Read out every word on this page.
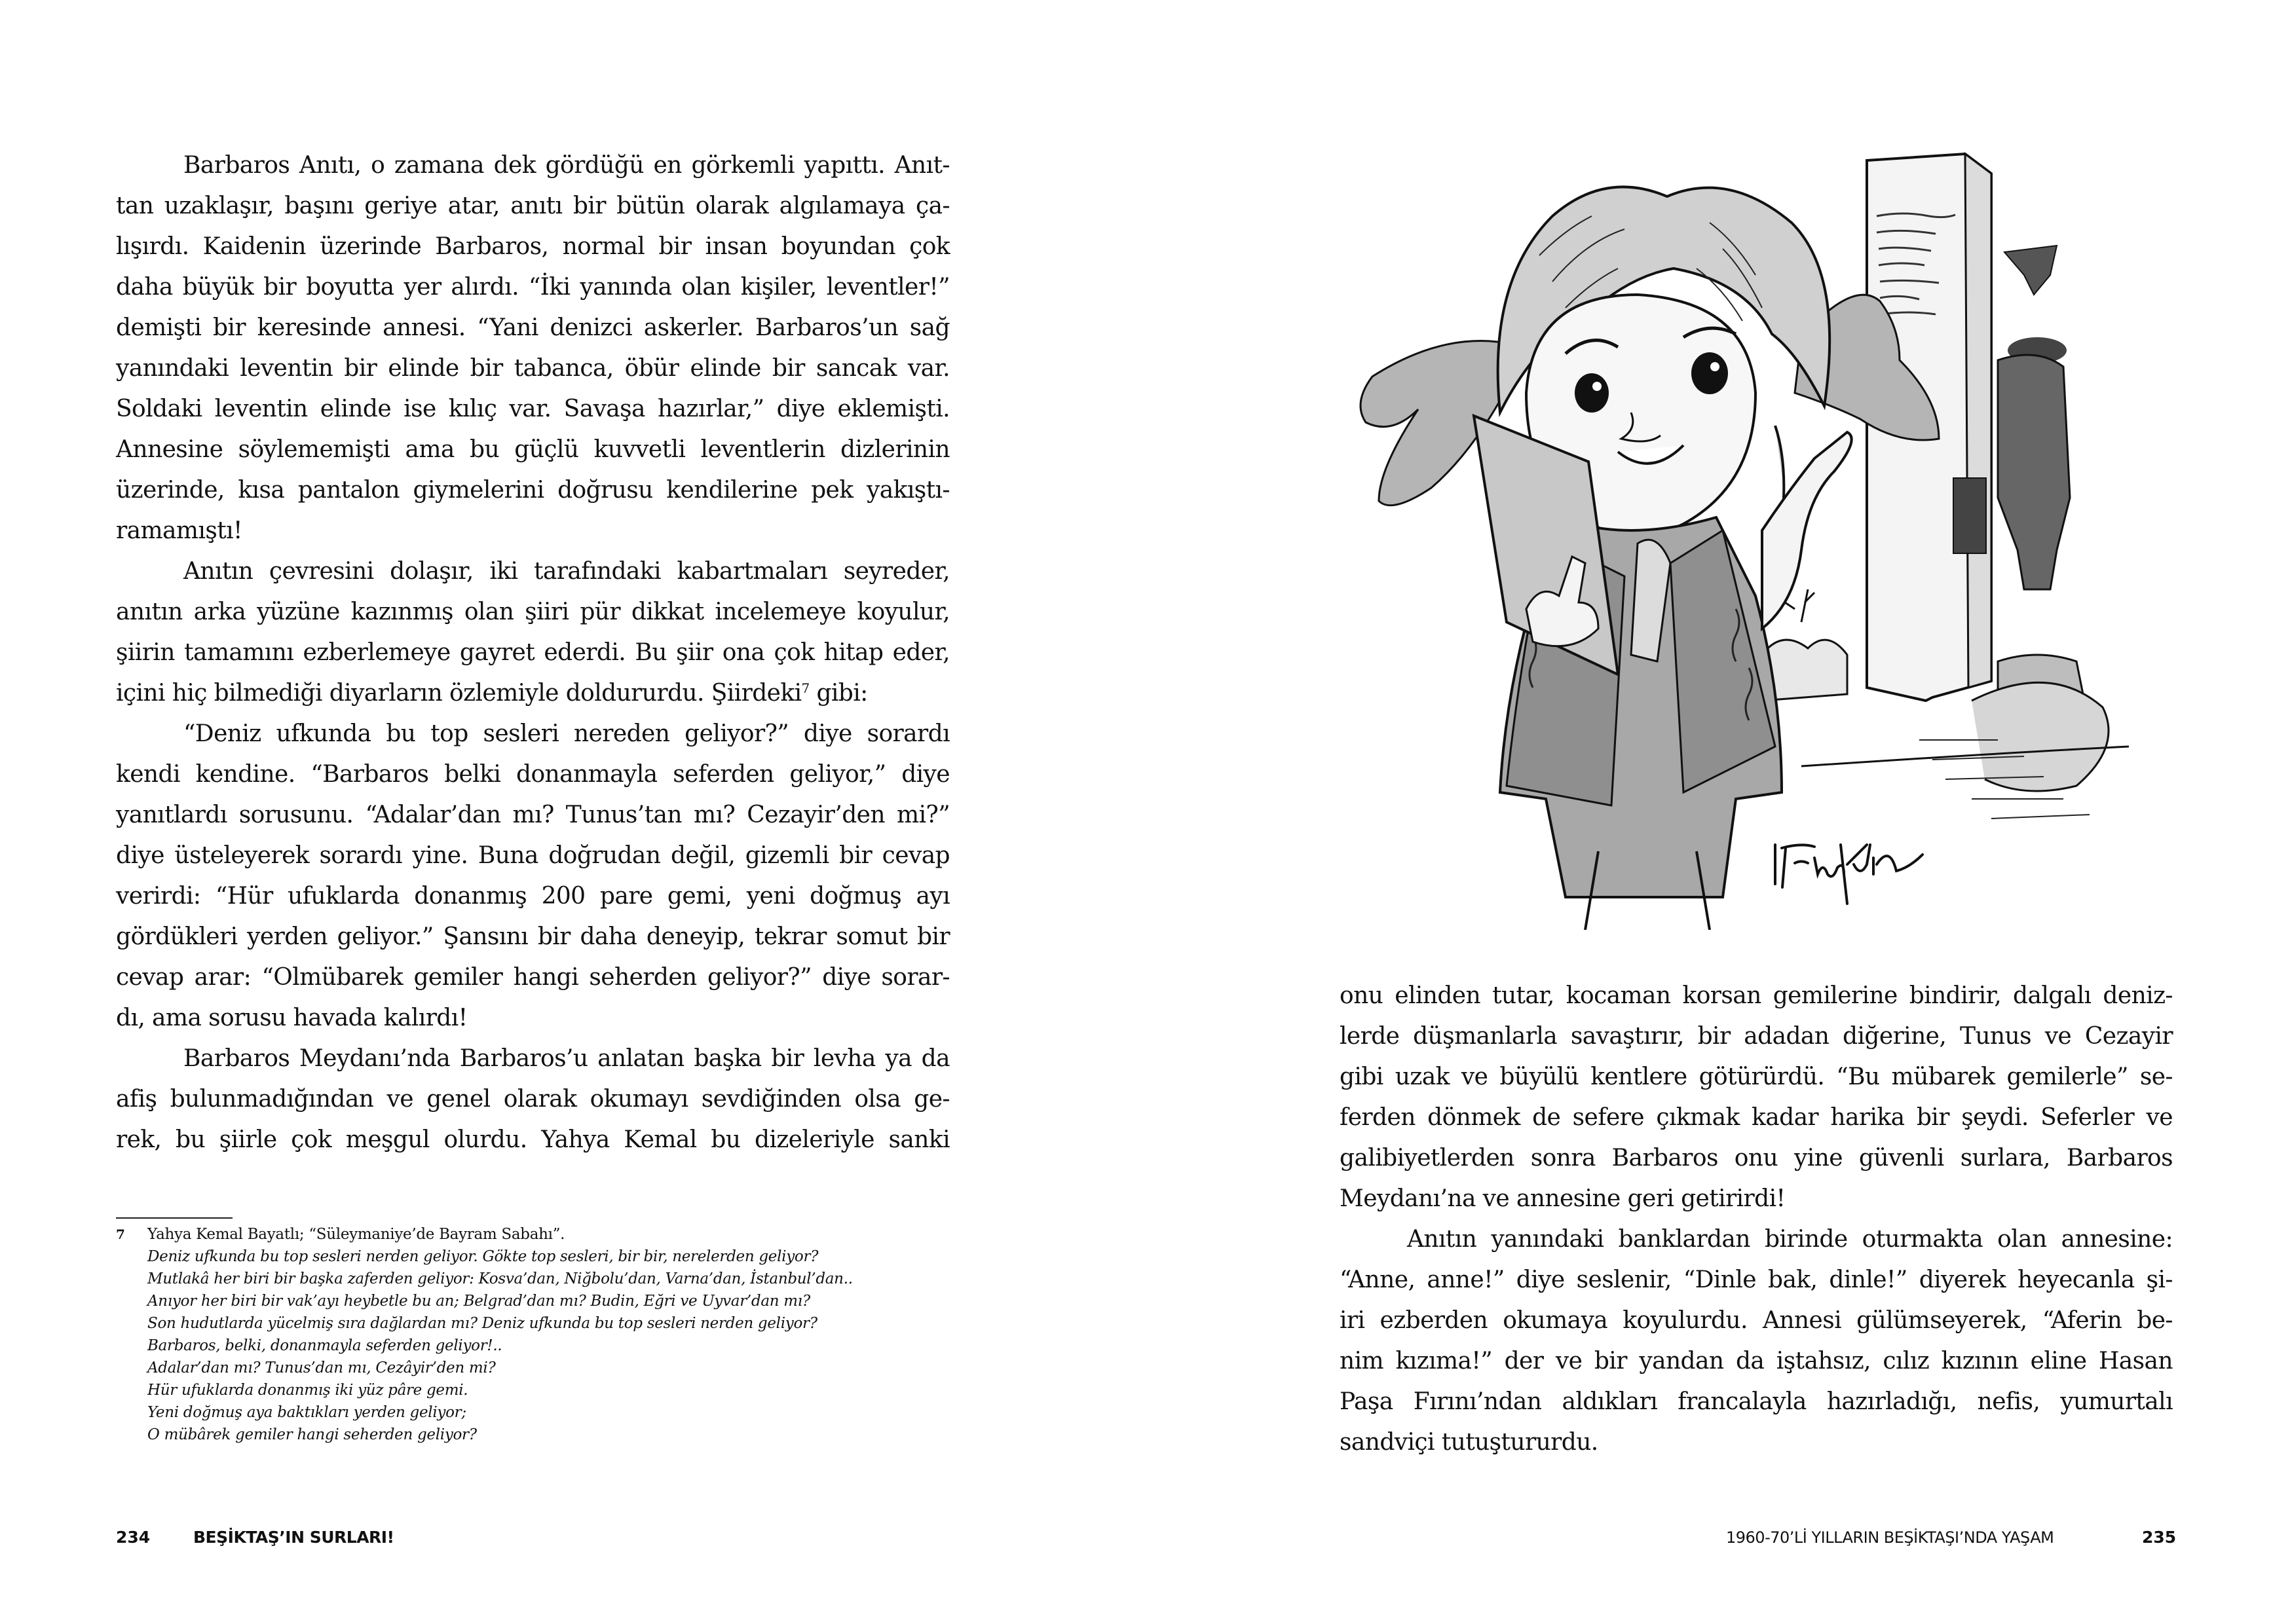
Barbaros Anıtı, o zamana dek gördüğü en görkemli yapıttı. Anıt-
tan uzaklaşır, başını geriye atar, anıtı bir bütün olarak algılamaya ça-
lışırdı. Kaidenin üzerinde Barbaros, normal bir insan boyundan çok
daha büyük bir boyutta yer alırdı. “İki yanında olan kişiler, leventler!”
demişti bir keresinde annesi. “Yani denizci askerler. Barbaros’un sağ
yanındaki leventin bir elinde bir tabanca, öbür elinde bir sancak var.
Soldaki leventin elinde ise kılıç var. Savaşa hazırlar,” diye eklemişti.
Annesine söylememişti ama bu güçlü kuvvetli leventlerin dizlerinin
üzerinde, kısa pantalon giymelerini doğrusu kendilerine pek yakıştı-
ramamıştı!
Anıtın çevresini dolaşır, iki tarafındaki kabartmaları seyreder,
anıtın arka yüzüne kazınmış olan şiiri pür dikkat incelemeye koyulur,
şiirin tamamını ezberlemeye gayret ederdi. Bu şiir ona çok hitap eder,
içini hiç bilmediği diyarların özlemiyle doldururdu. Şiirdeki$^7$ gibi:
“Deniz ufkunda bu top sesleri nereden geliyor?” diye sorardı
kendi kendine. “Barbaros belki donanmayla seferden geliyor,” diye
yanıtlardı sorusunu. “Adalar’dan mı? Tunus’tan mı? Cezayir’den mi?”
diye üsteleyerek sorardı yine. Buna doğrudan değil, gizemli bir cevap
verirdi: “Hür ufuklarda donanmış 200 pare gemi, yeni doğmuş ayı
gördükleri yerden geliyor.” Şansını bir daha deneyip, tekrar somut bir
cevap arar: “Olmübarek gemiler hangi seherden geliyor?” diye sorar-
dı, ama sorusu havada kalırdı!
Barbaros Meydanı’nda Barbaros’u anlatan başka bir levha ya da
afiş bulunmadığından ve genel olarak okumayı sevdiğinden olsa ge-
rek, bu şiirle çok meşgul olurdu. Yahya Kemal bu dizeleriyle sanki
7 Yahya Kemal Bayatlı; “Süleymaniye’de Bayram Sabahı”.
Deniz ufkunda bu top sesleri nerden geliyor. Gökte top sesleri, bir bir, nerelerden geliyor?
Mutlakâ her biri bir başka zaferden geliyor: Kosva’dan, Niğbolu’dan, Varna’dan, İstanbul’dan..
Anıyor her biri bir vak’ayı heybetle bu an; Belgrad’dan mı? Budin, Eğri ve Uyvar’dan mı?
Son hudutlarda yücelmiş sıra dağlardan mı? Deniz ufkunda bu top sesleri nerden geliyor?
Barbaros, belki, donanmayla seferden geliyor!..
Adalar’dan mı? Tunus’dan mı, Cezâyir’den mi?
Hür ufuklarda donanmış iki yüz pâre gemi.
Yeni doğmuş aya baktıkları yerden geliyor;
O mübârek gemiler hangi seherden geliyor?
234	BEŞİKTAŞ’IN SURLARI!
onu elinden tutar, kocaman korsan gemilerine bindirir, dalgalı deniz-
lerde düşmanlarla savaştırır, bir adadan diğerine, Tunus ve Cezayir
gibi uzak ve büyülü kentlere götürürdü. “Bu mübarek gemilerle” se-
ferden dönmek de sefere çıkmak kadar harika bir şeydi. Seferler ve
galibiyetlerden sonra Barbaros onu yine güvenli surlara, Barbaros
Meydanı’na ve annesine geri getirirdi!
Anıtın yanındaki banklardan birinde oturmakta olan annesine:
“Anne, anne!” diye seslenir, “Dinle bak, dinle!” diyerek heyecanla şi-
iri ezberden okumaya koyulurdu. Annesi gülümseyerek, “Aferin be-
nim kızıma!” der ve bir yandan da iştahsız, cılız kızının eline Hasan
Paşa Fırını’ndan aldıkları francalayla hazırladığı, nefis, yumurtalı
sandviçi tutuştururdu.
1960-70’Lİ YILLARIN BEŞİKTAŞI’NDA YAŞAM	235
